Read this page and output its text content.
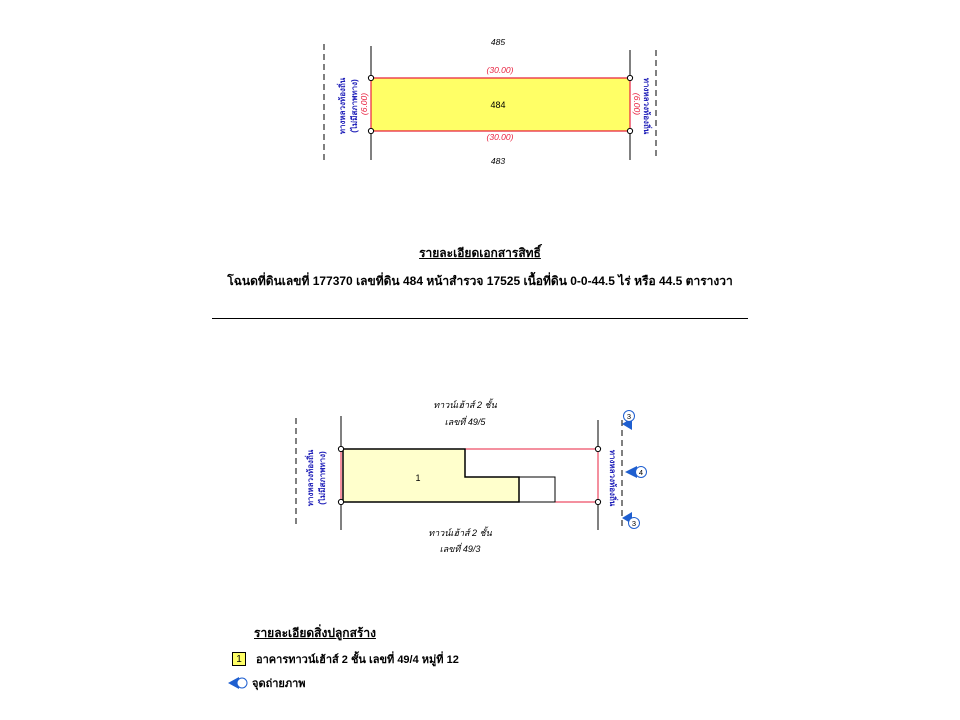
485
483
484
(30.00)
(30.00)
(6.00)	(6.00)
ทางหลวงท้องถิ่น (ไม่มีสภาพทาง)	ทางหลวงท้องถิ่น
1
ทาวน์เฮ้าส์ 2 ชั้น
เลขที่ 49/5
ทาวน์เฮ้าส์ 2 ชั้น
เลขที่ 49/3
ทางหลวงท้องถิ่น (ไม่มีสภาพทาง)	ทางหลวงท้องถิ่น
3
4
3
รายละเอียดเอกสารสิทธิ์
โฉนดที่ดินเลขที่ 177370 เลขที่ดิน 484 หน้าสำรวจ 17525 เนื้อที่ดิน 0-0-44.5 ไร่ หรือ 44.5 ตารางวา
รายละเอียดสิ่งปลูกสร้าง
1	อาคารทาวน์เฮ้าส์ 2 ชั้น เลขที่ 49/4 หมู่ที่ 12
จุดถ่ายภาพ
